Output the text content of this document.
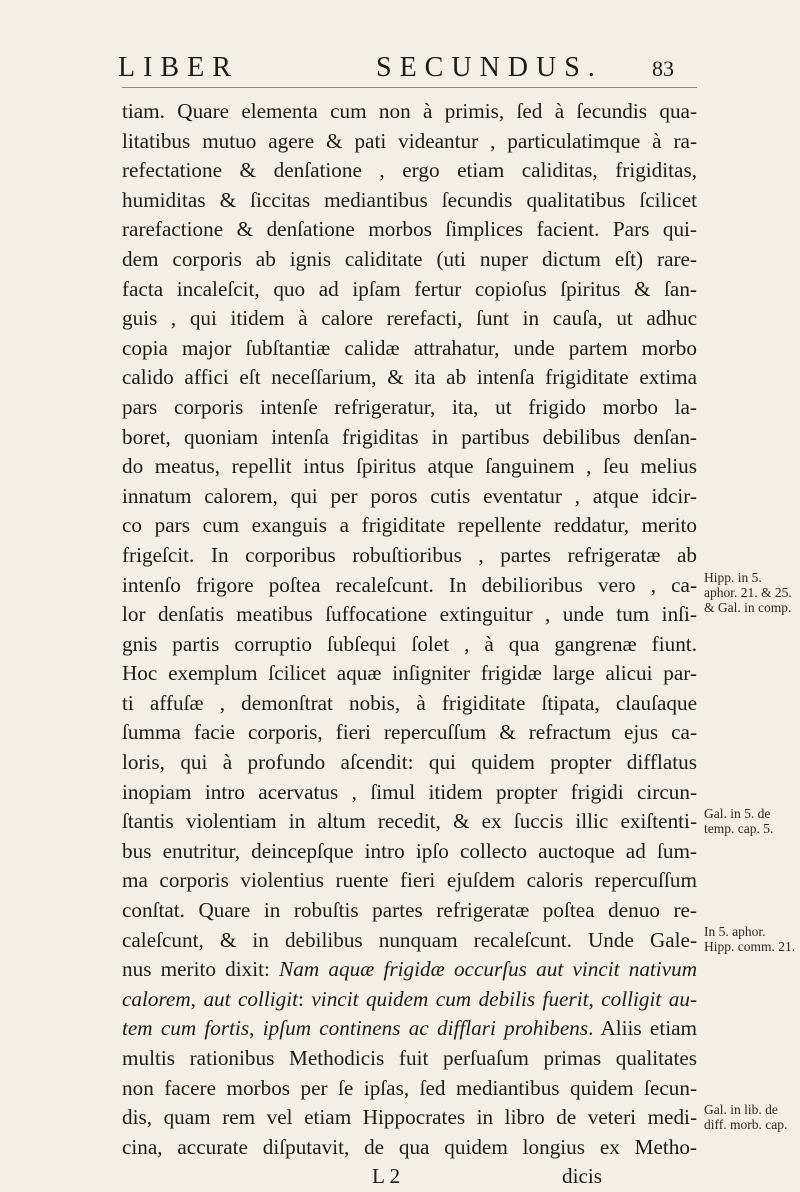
LIBER	SECUNDUS. 83
tiam. Quare elementa cum non à primis, ſed à ſecundis qua-
litatibus mutuo agere & pati videantur , particulatimque à ra-
refectatione & denſatione , ergo etiam caliditas, frigiditas,
humiditas & ſiccitas mediantibus ſecundis qualitatibus ſcilicet
rarefactione & denſatione morbos ſimplices facient. Pars qui-
dem corporis ab ignis caliditate (uti nuper dictum eſt) rare-
facta incaleſcit, quo ad ipſam fertur copioſus ſpiritus & ſan-
guis , qui itidem à calore rerefacti, ſunt in cauſa, ut adhuc
copia major ſubſtantiæ calidæ attrahatur, unde partem morbo
calido affici eſt neceſſarium, & ita ab intenſa frigiditate extima
pars corporis intenſe refrigeratur, ita, ut frigido morbo la-
boret, quoniam intenſa frigiditas in partibus debilibus denſan-
do meatus, repellit intus ſpiritus atque ſanguinem , ſeu melius
innatum calorem, qui per poros cutis eventatur , atque idcir-
co pars cum exanguis a frigiditate repellente reddatur, merito
frigeſcit. In corporibus robuſtioribus , partes refrigeratæ ab
intenſo frigore poſtea recaleſcunt. In debilioribus vero , ca-
lor denſatis meatibus ſuffocatione extinguitur , unde tum inſi-
gnis partis corruptio ſubſequi ſolet , à qua gangrenæ fiunt.
Hoc exemplum ſcilicet aquæ inſigniter frigidæ large alicui par-
ti affuſæ , demonſtrat nobis, à frigiditate ſtipata, clauſaque
ſumma facie corporis, fieri repercuſſum & refractum ejus ca-
loris, qui à profundo aſcendit: qui quidem propter difflatus
inopiam intro acervatus , ſimul itidem propter frigidi circun-
ſtantis violentiam in altum recedit, & ex ſuccis illic exiſtenti-
bus enutritur, deincepſque intro ipſo collecto auctoque ad ſum-
ma corporis violentius ruente fieri ejuſdem caloris repercuſſum
conſtat. Quare in robuſtis partes refrigeratæ poſtea denuo re-
caleſcunt, & in debilibus nunquam recaleſcunt. Unde Gale-
nus merito dixit: Nam aquæ frigidæ occurſus aut vincit nativum
calorem, aut colligit: vincit quidem cum debilis fuerit, colligit au-
tem cum fortis, ipſum continens ac difflari prohibens. Aliis etiam
multis rationibus Methodicis fuit perſuaſum primas qualitates
non facere morbos per ſe ipſas, ſed mediantibus quidem ſecun-
dis, quam rem vel etiam Hippocrates in libro de veteri medi-
cina, accurate diſputavit, de qua quidem longius ex Metho-
L 2	dicis
Hipp. in 5. aphor. 21. & 25. & Gal. in comp.
Gal. in 5. de temp. cap. 5.
In 5. aphor. Hipp. comm. 21.
Gal. in lib. de diff. morb. cap.
